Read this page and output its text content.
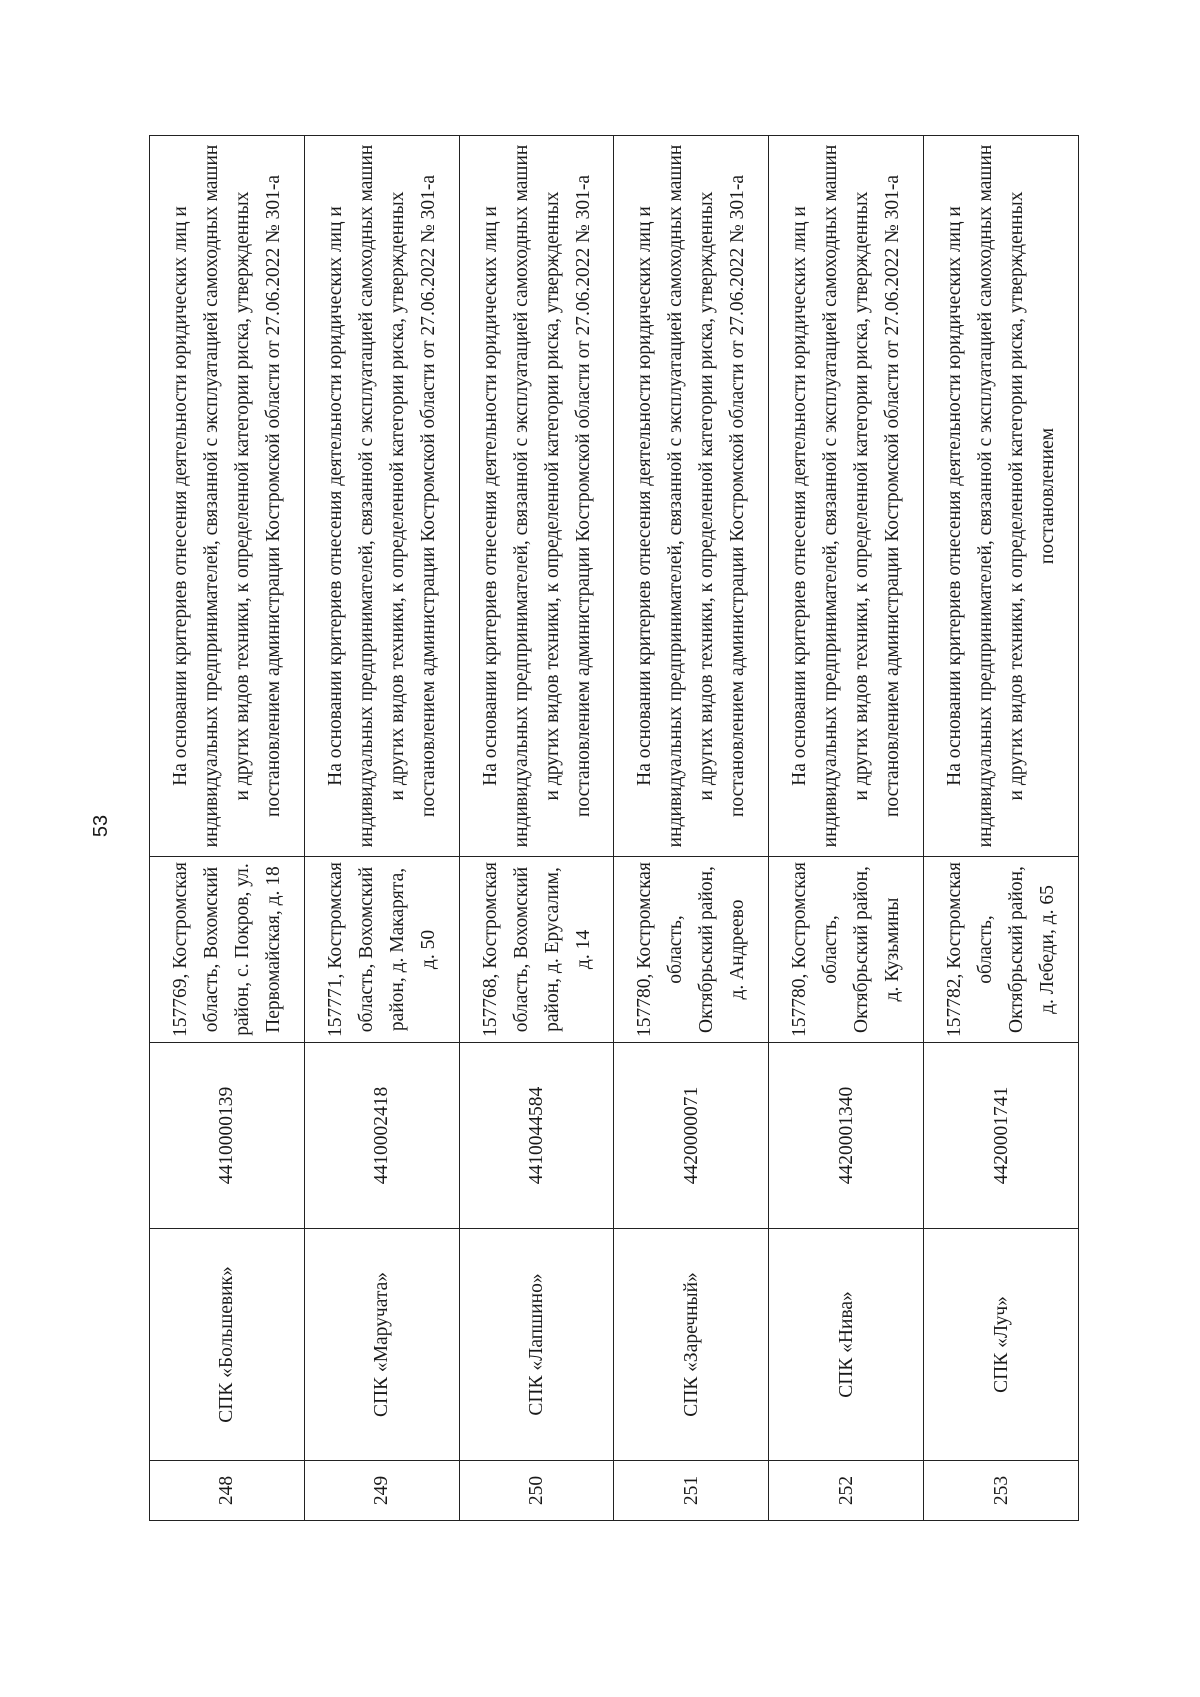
53
248	СПК «Большевик»	4410000139	157769, Костромская область, Вохомский район, с. Покров, ул. Первомайская, д. 18	На основании критериев отнесения деятельности юридических лиц и индивидуальных предпринимателей, связанной с эксплуатацией самоходных машин и других видов техники, к определенной категории риска, утвержденных постановлением администрации Костромской области от 27.06.2022 № 301-а
249	СПК «Маручата»	4410002418	157771, Костромская область, Вохомский район, д. Макарята, д. 50	На основании критериев отнесения деятельности юридических лиц и индивидуальных предпринимателей, связанной с эксплуатацией самоходных машин и других видов техники, к определенной категории риска, утвержденных постановлением администрации Костромской области от 27.06.2022 № 301-а
250	СПК «Лапшино»	4410044584	157768, Костромская область, Вохомский район, д. Ерусалим, д. 14	На основании критериев отнесения деятельности юридических лиц и индивидуальных предпринимателей, связанной с эксплуатацией самоходных машин и других видов техники, к определенной категории риска, утвержденных постановлением администрации Костромской области от 27.06.2022 № 301-а
251	СПК «Заречный»	4420000071	157780, Костромская область, Октябрьский район, д. Андреево	На основании критериев отнесения деятельности юридических лиц и индивидуальных предпринимателей, связанной с эксплуатацией самоходных машин и других видов техники, к определенной категории риска, утвержденных постановлением администрации Костромской области от 27.06.2022 № 301-а
252	СПК «Нива»	4420001340	157780, Костромская область, Октябрьский район, д. Кузьмины	На основании критериев отнесения деятельности юридических лиц и индивидуальных предпринимателей, связанной с эксплуатацией самоходных машин и других видов техники, к определенной категории риска, утвержденных постановлением администрации Костромской области от 27.06.2022 № 301-а
253	СПК «Луч»	4420001741	157782, Костромская область, Октябрьский район, д. Лебеди, д. 65	На основании критериев отнесения деятельности юридических лиц и индивидуальных предпринимателей, связанной с эксплуатацией самоходных машин и других видов техники, к определенной категории риска, утвержденных постановлением
